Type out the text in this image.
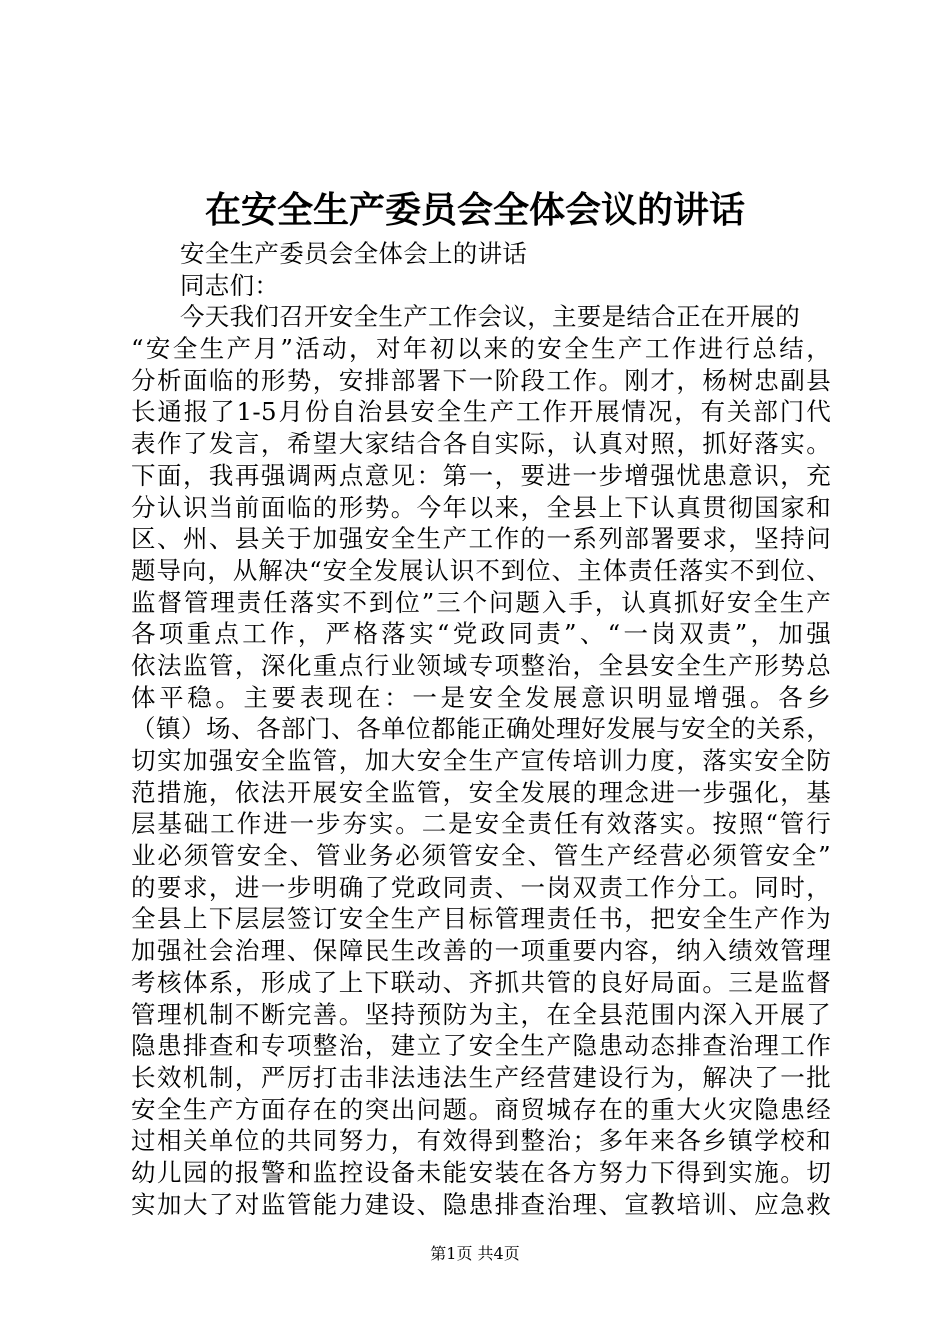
在安全生产委员会全体会议的讲话
安全生产委员会全体会上的讲话
同志们：
今天我们召开安全生产工作会议，主要是结合正在开展的
“安全生产月”活动，对年初以来的安全生产工作进行总结，
分析面临的形势，安排部署下一阶段工作。刚才，杨树忠副县
长通报了1-5月份自治县安全生产工作开展情况，有关部门代
表作了发言，希望大家结合各自实际，认真对照，抓好落实。
下面，我再强调两点意见：第一，要进一步增强忧患意识，充
分认识当前面临的形势。今年以来，全县上下认真贯彻国家和
区、州、县关于加强安全生产工作的一系列部署要求，坚持问
题导向，从解决“安全发展认识不到位、主体责任落实不到位、
监督管理责任落实不到位”三个问题入手，认真抓好安全生产
各项重点工作，严格落实“党政同责”、“一岗双责”，加强
依法监管，深化重点行业领域专项整治，全县安全生产形势总
体平稳。主要表现在：一是安全发展意识明显增强。各乡
（镇）场、各部门、各单位都能正确处理好发展与安全的关系，
切实加强安全监管，加大安全生产宣传培训力度，落实安全防
范措施，依法开展安全监管，安全发展的理念进一步强化，基
层基础工作进一步夯实。二是安全责任有效落实。按照“管行
业必须管安全、管业务必须管安全、管生产经营必须管安全”
的要求，进一步明确了党政同责、一岗双责工作分工。同时，
全县上下层层签订安全生产目标管理责任书，把安全生产作为
加强社会治理、保障民生改善的一项重要内容，纳入绩效管理
考核体系，形成了上下联动、齐抓共管的良好局面。三是监督
管理机制不断完善。坚持预防为主，在全县范围内深入开展了
隐患排查和专项整治，建立了安全生产隐患动态排查治理工作
长效机制，严厉打击非法违法生产经营建设行为，解决了一批
安全生产方面存在的突出问题。商贸城存在的重大火灾隐患经
过相关单位的共同努力，有效得到整治；多年来各乡镇学校和
幼儿园的报警和监控设备未能安装在各方努力下得到实施。切
实加大了对监管能力建设、隐患排查治理、宣教培训、应急救
第1页 共4页
